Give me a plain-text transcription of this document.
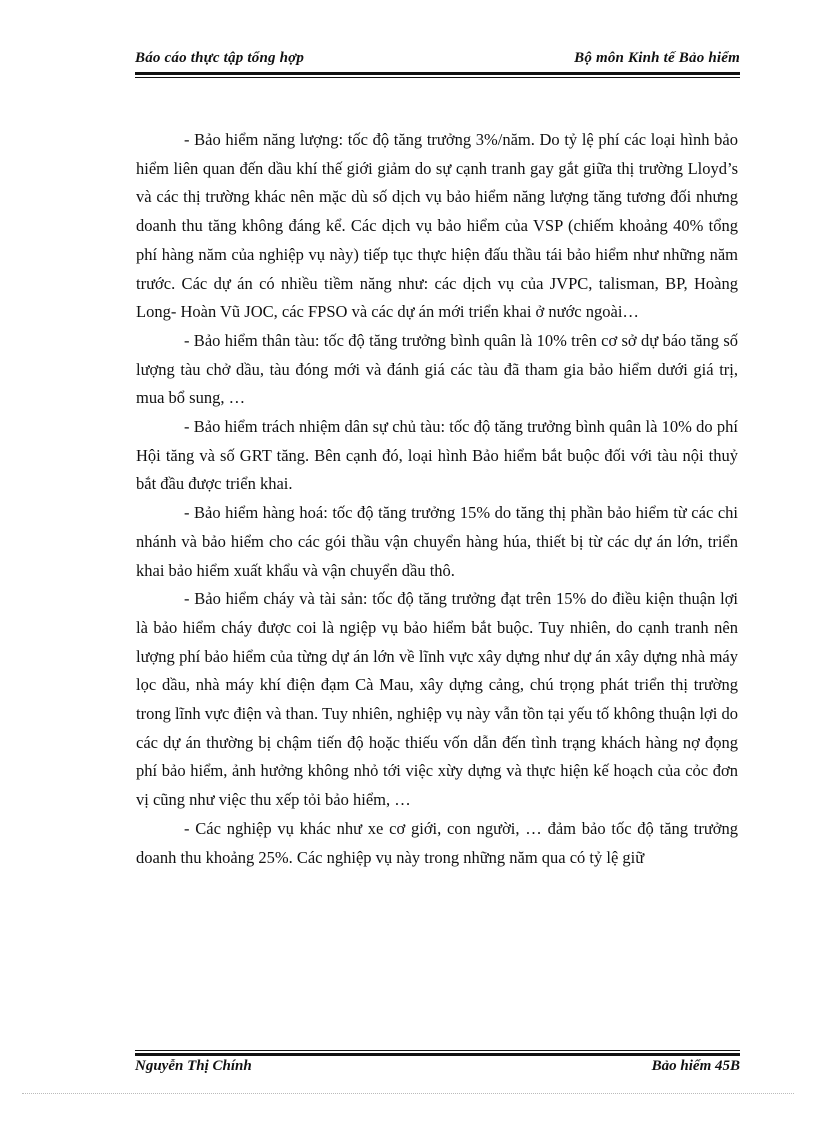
Báo cáo thực tập tổng hợp	Bộ môn Kinh tế Bảo hiểm

- Bảo hiểm năng lượng: tốc độ tăng trưởng 3%/năm. Do tỷ lệ phí các loại hình bảo hiểm liên quan đến dầu khí thế giới giảm do sự cạnh tranh gay gắt giữa thị trường Lloyd’s và các thị trường khác nên mặc dù số dịch vụ bảo hiểm năng lượng tăng tương đối nhưng doanh thu tăng không đáng kể. Các dịch vụ bảo hiểm của VSP (chiếm khoảng 40% tổng phí hàng năm của nghiệp vụ này) tiếp tục thực hiện đấu thầu tái bảo hiểm như những năm trước. Các dự án có nhiều tiềm năng như: các dịch vụ của JVPC, talisman, BP, Hoàng Long- Hoàn Vũ JOC, các FPSO và các dự án mới triển khai ở nước ngoài…

- Bảo hiểm thân tàu: tốc độ tăng trưởng bình quân là 10% trên cơ sở dự báo tăng số lượng tàu chở dầu, tàu đóng mới và đánh giá các tàu đã tham gia bảo hiểm dưới giá trị, mua bổ sung, …

- Bảo hiểm trách nhiệm dân sự chủ tàu: tốc độ tăng trưởng bình quân là 10% do phí Hội tăng và số GRT tăng. Bên cạnh đó, loại hình Bảo hiểm bắt buộc đối với tàu nội thuỷ bắt đầu được triển khai.

- Bảo hiểm hàng hoá: tốc độ tăng trưởng 15% do tăng thị phần bảo hiểm từ các chi nhánh và bảo hiểm cho các gói thầu vận chuyển hàng húa, thiết bị từ các dự án lớn, triển khai bảo hiểm xuất khẩu và vận chuyển dầu thô.

- Bảo hiểm cháy và tài sản: tốc độ tăng trưởng đạt trên 15% do điều kiện thuận lợi là bảo hiểm cháy được coi là ngiệp vụ bảo hiểm bắt buộc. Tuy nhiên, do cạnh tranh nên lượng phí bảo hiểm của từng dự án lớn về lĩnh vực xây dựng như dự án xây dựng nhà máy lọc dầu, nhà máy khí điện đạm Cà Mau, xây dựng cảng, chú trọng phát triển thị trường trong lĩnh vực điện và than. Tuy nhiên, nghiệp vụ này vẫn tồn tại yếu tố không thuận lợi do các dự án thường bị chậm tiến độ hoặc thiếu vốn dẫn đến tình trạng khách hàng nợ đọng phí bảo hiểm, ảnh hưởng không nhỏ tới việc xừy dựng và thực hiện kế hoạch của cỏc đơn vị cũng như việc thu xếp tỏi bảo hiểm, …

- Các nghiệp vụ khác như xe cơ giới, con người, … đảm bảo tốc độ tăng trưởng doanh thu khoảng 25%. Các nghiệp vụ này trong những năm qua có tỷ lệ giữ

Nguyễn Thị Chính	Bảo hiểm 45B
